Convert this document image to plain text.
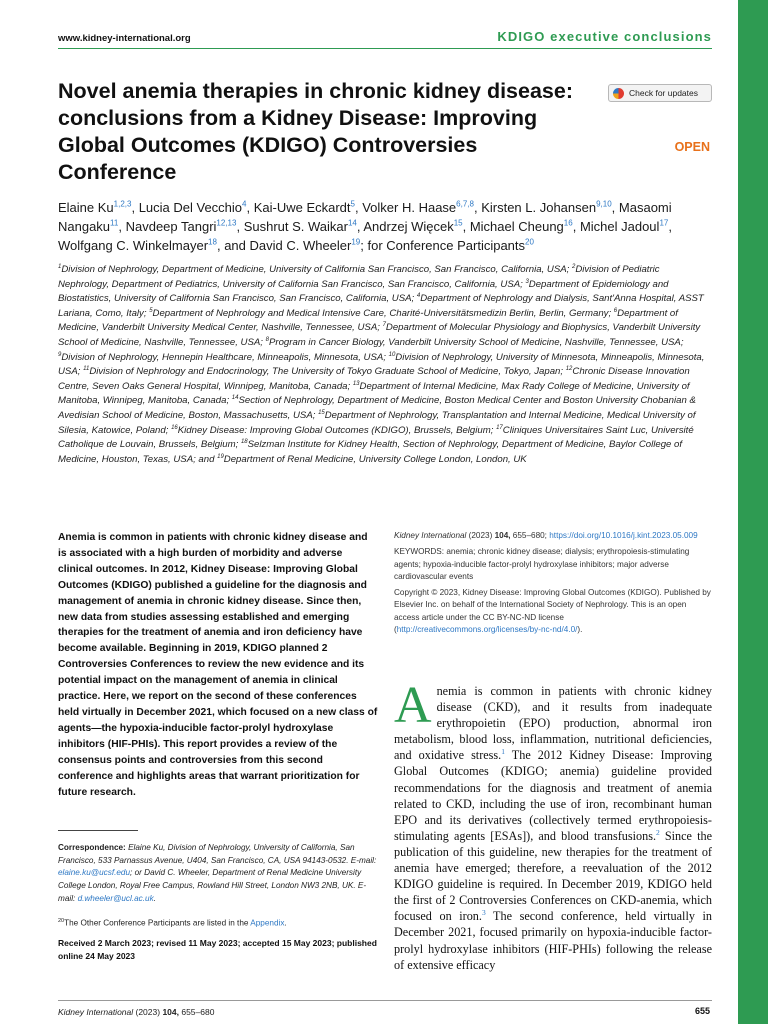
www.kidney-international.org	KDIGO executive conclusions
Novel anemia therapies in chronic kidney disease: conclusions from a Kidney Disease: Improving Global Outcomes (KDIGO) Controversies Conference
Check for updates
OPEN
Elaine Ku$^{1,2,3}$, Lucia Del Vecchio$^4$, Kai-Uwe Eckardt$^5$, Volker H. Haase$^{6,7,8}$, Kirsten L. Johansen$^{9,10}$, Masaomi Nangaku$^{11}$, Navdeep Tangri$^{12,13}$, Sushrut S. Waikar$^{14}$, Andrzej Więcek$^{15}$, Michael Cheung$^{16}$, Michel Jadoul$^{17}$, Wolfgang C. Winkelmayer$^{18}$, and David C. Wheeler$^{19}$; for Conference Participants$^{20}$
$^1$Division of Nephrology, Department of Medicine, University of California San Francisco, San Francisco, California, USA; $^2$Division of Pediatric Nephrology, Department of Pediatrics, University of California San Francisco, San Francisco, California, USA; $^3$Department of Epidemiology and Biostatistics, University of California San Francisco, San Francisco, California, USA; $^4$Department of Nephrology and Dialysis, Sant'Anna Hospital, ASST Lariana, Como, Italy; $^5$Department of Nephrology and Medical Intensive Care, Charité-Universitätsmedizin Berlin, Berlin, Germany; $^6$Department of Medicine, Vanderbilt University Medical Center, Nashville, Tennessee, USA; $^7$Department of Molecular Physiology and Biophysics, Vanderbilt University School of Medicine, Nashville, Tennessee, USA; $^8$Program in Cancer Biology, Vanderbilt University School of Medicine, Nashville, Tennessee, USA; $^9$Division of Nephrology, Hennepin Healthcare, Minneapolis, Minnesota, USA; $^{10}$Division of Nephrology, University of Minnesota, Minneapolis, Minnesota, USA; $^{11}$Division of Nephrology and Endocrinology, The University of Tokyo Graduate School of Medicine, Tokyo, Japan; $^{12}$Chronic Disease Innovation Centre, Seven Oaks General Hospital, Winnipeg, Manitoba, Canada; $^{13}$Department of Internal Medicine, Max Rady College of Medicine, University of Manitoba, Winnipeg, Manitoba, Canada; $^{14}$Section of Nephrology, Department of Medicine, Boston Medical Center and Boston University Chobanian & Avedisian School of Medicine, Boston, Massachusetts, USA; $^{15}$Department of Nephrology, Transplantation and Internal Medicine, Medical University of Silesia, Katowice, Poland; $^{16}$Kidney Disease: Improving Global Outcomes (KDIGO), Brussels, Belgium; $^{17}$Cliniques Universitaires Saint Luc, Université Catholique de Louvain, Brussels, Belgium; $^{18}$Selzman Institute for Kidney Health, Section of Nephrology, Department of Medicine, Baylor College of Medicine, Houston, Texas, USA; and $^{19}$Department of Renal Medicine, University College London, London, UK
Anemia is common in patients with chronic kidney disease and is associated with a high burden of morbidity and adverse clinical outcomes. In 2012, Kidney Disease: Improving Global Outcomes (KDIGO) published a guideline for the diagnosis and management of anemia in chronic kidney disease. Since then, new data from studies assessing established and emerging therapies for the treatment of anemia and iron deficiency have become available. Beginning in 2019, KDIGO planned 2 Controversies Conferences to review the new evidence and its potential impact on the management of anemia in clinical practice. Here, we report on the second of these conferences held virtually in December 2021, which focused on a new class of agents—the hypoxia-inducible factor-prolyl hydroxylase inhibitors (HIF-PHIs). This report provides a review of the consensus points and controversies from this second conference and highlights areas that warrant prioritization for future research.

Kidney International (2023) 104, 655–680; https://doi.org/10.1016/j.kint.2023.05.009

KEYWORDS: anemia; chronic kidney disease; dialysis; erythropoiesis-stimulating agents; hypoxia-inducible factor-prolyl hydroxylase inhibitors; major adverse cardiovascular events

Copyright © 2023, Kidney Disease: Improving Global Outcomes (KDIGO). Published by Elsevier Inc. on behalf of the International Society of Nephrology. This is an open access article under the CC BY-NC-ND license (http://creativecommons.org/licenses/by-nc-nd/4.0/).

Anemia is common in patients with chronic kidney disease (CKD), and it results from inadequate erythropoietin (EPO) production, abnormal iron metabolism, blood loss, inflammation, nutritional deficiencies, and oxidative stress.$^1$ The 2012 Kidney Disease: Improving Global Outcomes (KDIGO; anemia) guideline provided recommendations for the diagnosis and treatment of anemia related to CKD, including the use of iron, recombinant human EPO and its derivatives (collectively termed erythropoiesis-stimulating agents [ESAs]), and blood transfusions.$^2$ Since the publication of this guideline, new therapies for the treatment of anemia have emerged; therefore, a reevaluation of the 2012 KDIGO guideline is required. In December 2019, KDIGO held the first of 2 Controversies Conferences on CKD-anemia, which focused on iron.$^3$ The second conference, held virtually in December 2021, focused primarily on hypoxia-inducible factor-prolyl hydroxylase inhibitors (HIF-PHIs) following the release of extensive efficacy
Correspondence: Elaine Ku, Division of Nephrology, University of California, San Francisco, 533 Parnassus Avenue, U404, San Francisco, CA, USA 94143-0532. E-mail: elaine.ku@ucsf.edu; or David C. Wheeler, Department of Renal Medicine University College London, Royal Free Campus, Rowland Hill Street, London NW3 2NB, UK. E-mail: d.wheeler@ucl.ac.uk.
$^{20}$The Other Conference Participants are listed in the Appendix.
Received 2 March 2023; revised 11 May 2023; accepted 15 May 2023; published online 24 May 2023
Kidney International (2023) 104, 655–680	655
